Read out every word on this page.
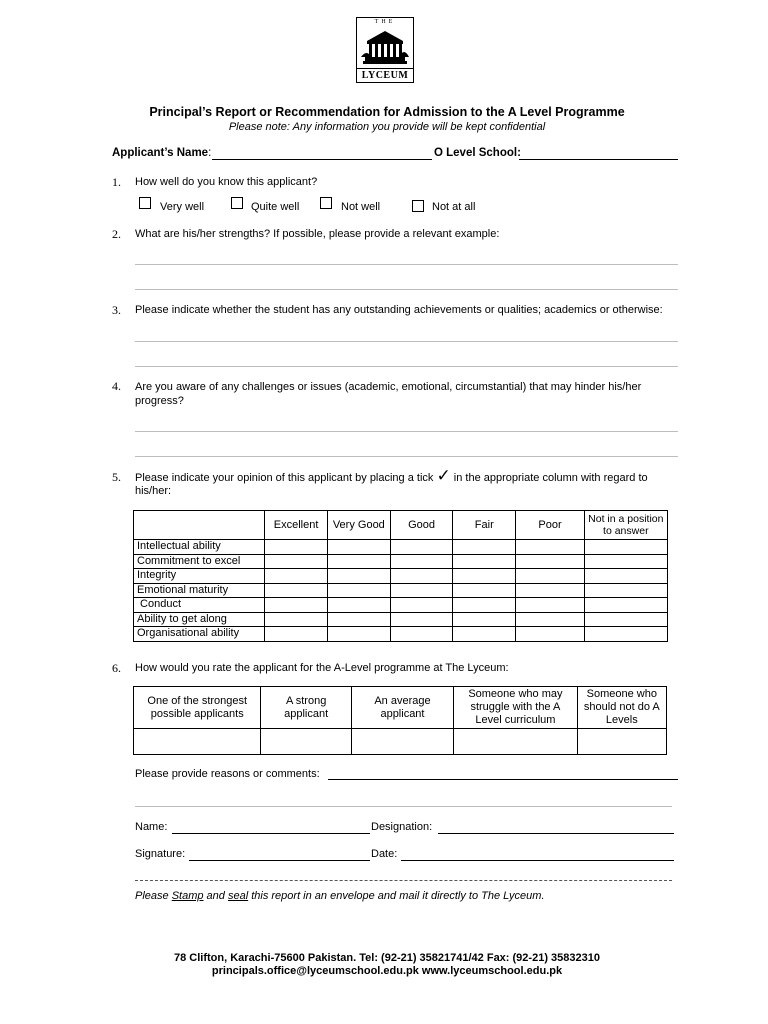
THE
LYCEUM
Principal’s Report or Recommendation for Admission to the A Level Programme
Please note: Any information you provide will be kept confidential
Applicant’s Name:	O Level School:
1. How well do you know this applicant?
Very well	Quite well	Not well	Not at all
2. What are his/her strengths? If possible, please provide a relevant example:
3. Please indicate whether the student has any outstanding achievements or qualities; academics or otherwise:
4. Are you aware of any challenges or issues (academic, emotional, circumstantial) that may hinder his/her
progress?
5. Please indicate your opinion of this applicant by placing a tick ✓ in the appropriate column with regard to
his/her:
	Excellent	Very Good	Good	Fair	Poor	Not in a position to answer
Intellectual ability						
Commitment to excel						
Integrity						
Emotional maturity						
Conduct						
Ability to get along						
Organisational ability						
6. How would you rate the applicant for the A-Level programme at The Lyceum:
One of the strongest possible applicants	A strong applicant	An average applicant	Someone who may struggle with the A Level curriculum	Someone who should not do A Levels

Please provide reasons or comments:
Name:	Designation:
Signature:	Date:
Please Stamp and seal this report in an envelope and mail it directly to The Lyceum.
78 Clifton, Karachi-75600 Pakistan. Tel: (92-21) 35821741/42 Fax: (92-21) 35832310
principals.office@lyceumschool.edu.pk www.lyceumschool.edu.pk
